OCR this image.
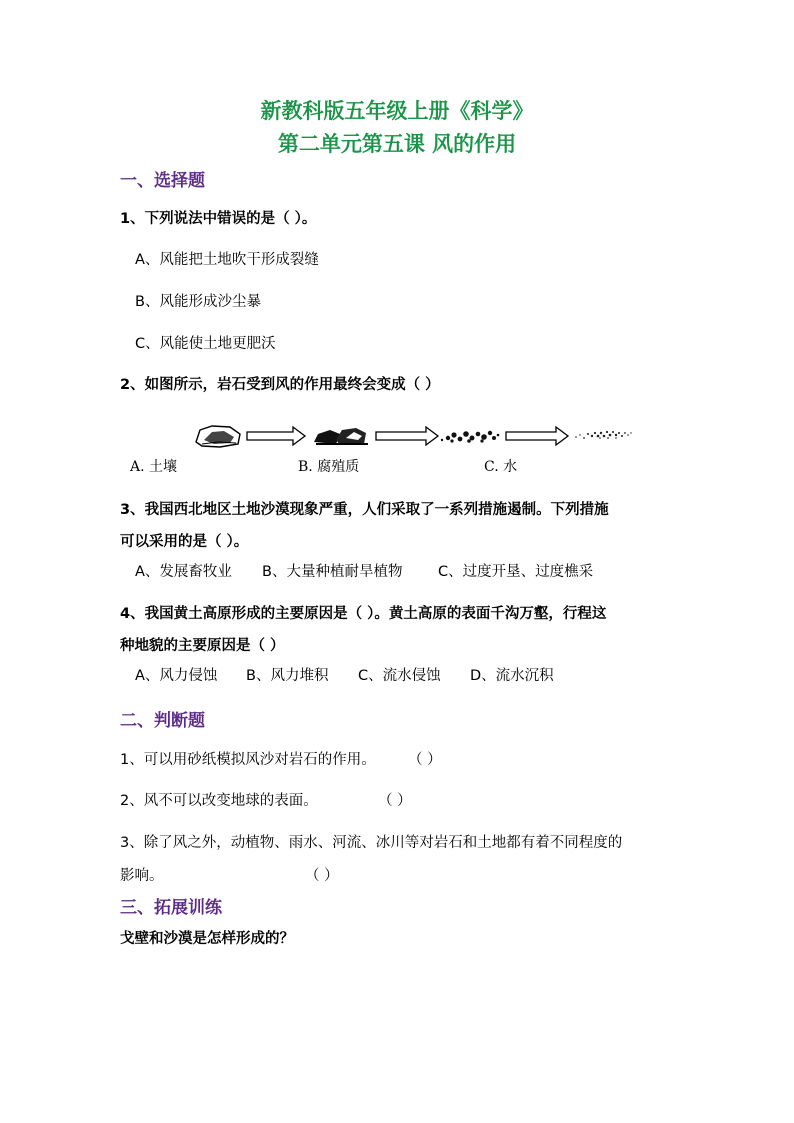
新教科版五年级上册《科学》
第二单元第五课 风的作用
一、选择题
1、下列说法中错误的是（ ）。
A、风能把土地吹干形成裂缝
B、风能形成沙尘暴
C、风能使土地更肥沃
2、如图所示，岩石受到风的作用最终会变成（ ）
A. 土壤	B. 腐殖质	C. 水
3、我国西北地区土地沙漠现象严重，人们采取了一系列措施遏制。下列措施
可以采用的是（ ）。
A、发展畜牧业 B、大量种植耐旱植物 C、过度开垦、过度樵采
4、我国黄土高原形成的主要原因是（ ）。黄土高原的表面千沟万壑，行程这
种地貌的主要原因是（ ）
A、风力侵蚀 B、风力堆积 C、流水侵蚀 D、流水沉积
二、判断题
1、可以用砂纸模拟风沙对岩石的作用。 （ ）
2、风不可以改变地球的表面。	（ ）
3、除了风之外，动植物、雨水、河流、冰川等对岩石和土地都有着不同程度的
影响。	（ ）
三、拓展训练
戈壁和沙漠是怎样形成的？
